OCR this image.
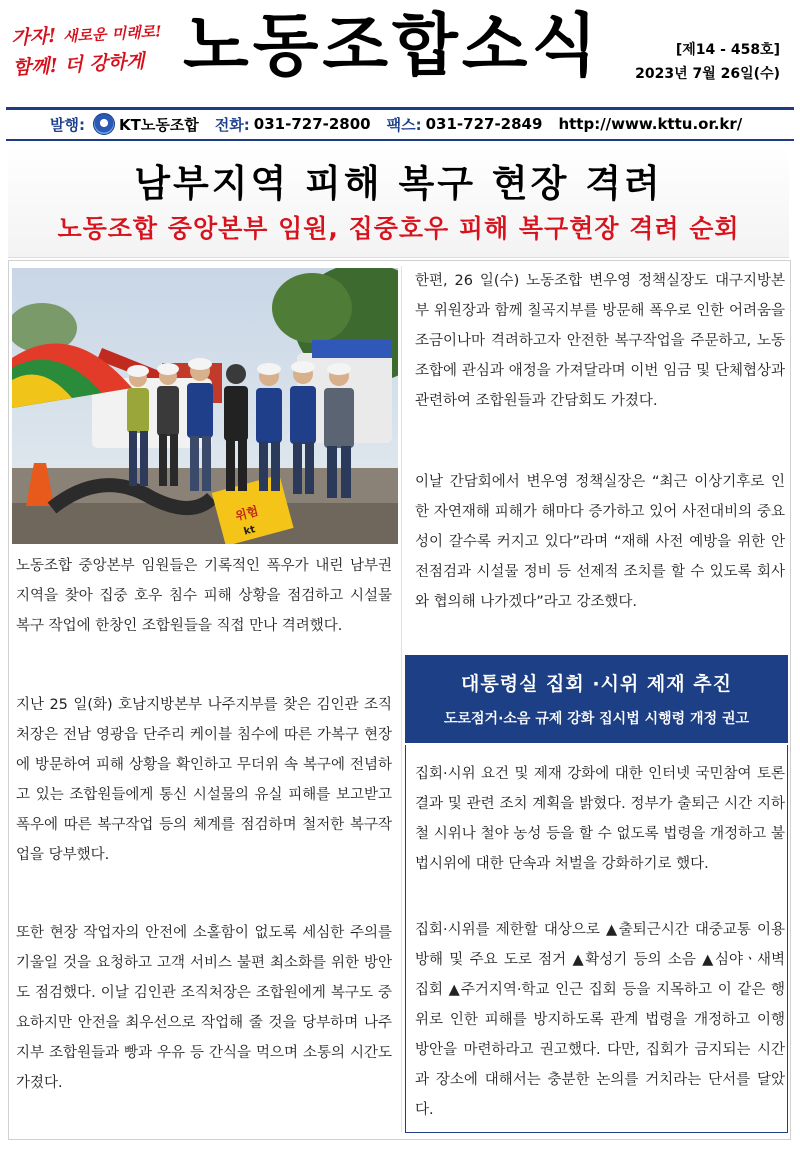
가자! 새로운 미래로!
함께! 더 강하게 노동조합소식	[제14 - 458호]
2023년 7월 26일(수)
발행: KT노동조합 전화: 031-727-2800 팩스: 031-727-2849 http://www.kttu.or.kr/
남부지역 피해 복구 현장 격려
노동조합 중앙본부 임원, 집중호우 피해 복구현장 격려 순회
위험
kt

노동조합 중앙본부 임원들은 기록적인 폭우가 내린 남부권 지역을 찾아 집중 호우 침수 피해 상황을 점검하고 시설물 복구 작업에 한창인 조합원들을 직접 만나 격려했다.

지난 25 일(화) 호남지방본부 나주지부를 찾은 김인관 조직처장은 전남 영광읍 단주리 케이블 침수에 따른 가복구 현장에 방문하여 피해 상황을 확인하고 무더위 속 복구에 전념하고 있는 조합원들에게 통신 시설물의 유실 피해를 보고받고 폭우에 따른 복구작업 등의 체계를 점검하며 철저한 복구작업을 당부했다.

또한 현장 작업자의 안전에 소홀함이 없도록 세심한 주의를 기울일 것을 요청하고 고객 서비스 불편 최소화를 위한 방안도 점검했다. 이날 김인관 조직처장은 조합원에게 복구도 중요하지만 안전을 최우선으로 작업해 줄 것을 당부하며 나주지부 조합원들과 빵과 우유 등 간식을 먹으며 소통의 시간도 가졌다.

한편, 26 일(수) 노동조합 변우영 정책실장도 대구지방본부 위원장과 함께 칠곡지부를 방문해 폭우로 인한 어려움을 조금이나마 격려하고자 안전한 복구작업을 주문하고, 노동조합에 관심과 애정을 가져달라며 이번 임금 및 단체협상과 관련하여 조합원들과 간담회도 가졌다.

이날 간담회에서 변우영 정책실장은 “최근 이상기후로 인한 자연재해 피해가 해마다 증가하고 있어 사전대비의 중요성이 갈수록 커지고 있다”라며 “재해 사전 예방을 위한 안전점검과 시설물 정비 등 선제적 조치를 할 수 있도록 회사와 협의해 나가겠다”라고 강조했다.

대통령실 집회 ·시위 제재 추진
도로점거·소음 규제 강화 집시법 시행령 개정 권고

집회·시위 요건 및 제재 강화에 대한 인터넷 국민참여 토론 결과 및 관련 조치 계획을 밝혔다. 정부가 출퇴근 시간 지하철 시위나 철야 농성 등을 할 수 없도록 법령을 개정하고 불법시위에 대한 단속과 처벌을 강화하기로 했다.

집회·시위를 제한할 대상으로 ▲출퇴근시간 대중교통 이용 방해 및 주요 도로 점거 ▲확성기 등의 소음 ▲심야ㆍ새벽 집회 ▲주거지역·학교 인근 집회 등을 지목하고 이 같은 행위로 인한 피해를 방지하도록 관계 법령을 개정하고 이행 방안을 마련하라고 권고했다. 다만, 집회가 금지되는 시간과 장소에 대해서는 충분한 논의를 거치라는 단서를 달았다.
